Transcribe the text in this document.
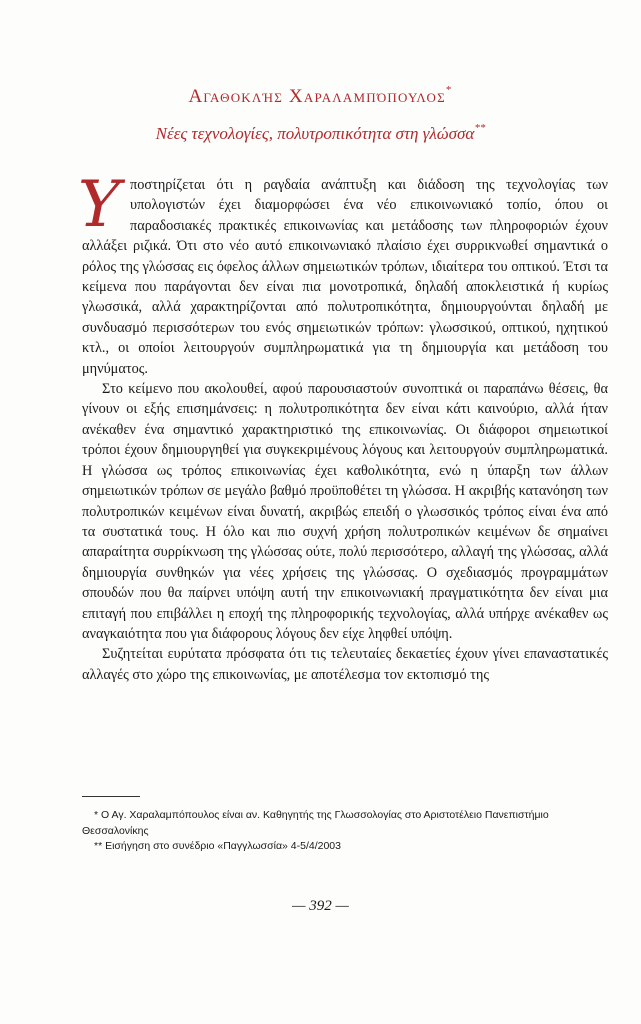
Αγαθοκλής Χαραλαμπόπουλος*
Νέες τεχνολογίες, πολυτροπικότητα στη γλώσσα**

Υποστηρίζεται ότι η ραγδαία ανάπτυξη και διάδοση της τεχνολογίας των υπολογιστών έχει διαμορφώσει ένα νέο επικοινωνιακό τοπίο, όπου οι παραδοσιακές πρακτικές επικοινωνίας και μετάδοσης των πληροφοριών έχουν αλλάξει ριζικά. Ότι στο νέο αυτό επικοινωνιακό πλαίσιο έχει συρρικνωθεί σημαντικά ο ρόλος της γλώσσας εις όφελος άλλων σημειωτικών τρόπων, ιδιαίτερα του οπτικού. Έτσι τα κείμενα που παράγονται δεν είναι πια μονοτροπικά, δηλαδή αποκλειστικά ή κυρίως γλωσσικά, αλλά χαρακτηρίζονται από πολυτροπικότητα, δημιουργούνται δηλαδή με συνδυασμό περισσότερων του ενός σημειωτικών τρόπων: γλωσσικού, οπτικού, ηχητικού κτλ., οι οποίοι λειτουργούν συμπληρωματικά για τη δημιουργία και μετάδοση του μηνύματος.

Στο κείμενο που ακολουθεί, αφού παρουσιαστούν συνοπτικά οι παραπάνω θέσεις, θα γίνουν οι εξής επισημάνσεις: η πολυτροπικότητα δεν είναι κάτι καινούριο, αλλά ήταν ανέκαθεν ένα σημαντικό χαρακτηριστικό της επικοινωνίας. Οι διάφοροι σημειωτικοί τρόποι έχουν δημιουργηθεί για συγκεκριμένους λόγους και λειτουργούν συμπληρωματικά. Η γλώσσα ως τρόπος επικοινωνίας έχει καθολικότητα, ενώ η ύπαρξη των άλλων σημειωτικών τρόπων σε μεγάλο βαθμό προϋποθέτει τη γλώσσα. Η ακριβής κατανόηση των πολυτροπικών κειμένων είναι δυνατή, ακριβώς επειδή ο γλωσσικός τρόπος είναι ένα από τα συστατικά τους. Η όλο και πιο συχνή χρήση πολυτροπικών κειμένων δε σημαίνει απαραίτητα συρρίκνωση της γλώσσας ούτε, πολύ περισσότερο, αλλαγή της γλώσσας, αλλά δημιουργία συνθηκών για νέες χρήσεις της γλώσσας. Ο σχεδιασμός προγραμμάτων σπουδών που θα παίρνει υπόψη αυτή την επικοινωνιακή πραγματικότητα δεν είναι μια επιταγή που επιβάλλει η εποχή της πληροφορικής τεχνολογίας, αλλά υπήρχε ανέκαθεν ως αναγκαιότητα που για διάφορους λόγους δεν είχε ληφθεί υπόψη.

Συζητείται ευρύτατα πρόσφατα ότι τις τελευταίες δεκαετίες έχουν γίνει επαναστατικές αλλαγές στο χώρο της επικοινωνίας, με αποτέλεσμα τον εκτοπισμό της

* Ο Αγ. Χαραλαμπόπουλος είναι αν. Καθηγητής της Γλωσσολογίας στο Αριστοτέλειο Πανεπιστήμιο Θεσσαλονίκης
** Εισήγηση στο συνέδριο «Παγγλωσσία» 4-5/4/2003
— 392 —
